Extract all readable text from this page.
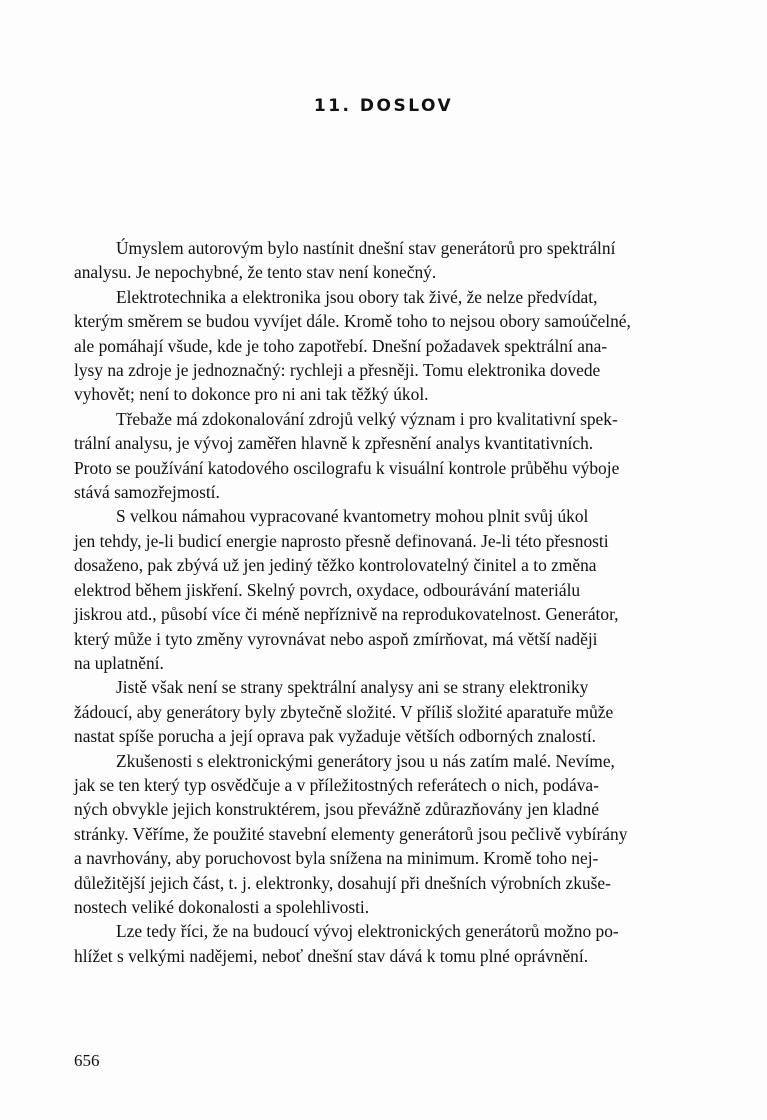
11. DOSLOV
Úmyslem autorovým bylo nastínit dnešní stav generátorů pro spektrální
analysu. Je nepochybné, že tento stav není konečný.
Elektrotechnika a elektronika jsou obory tak živé, že nelze předvídat,
kterým směrem se budou vyvíjet dále. Kromě toho to nejsou obory samoúčelné,
ale pomáhají všude, kde je toho zapotřebí. Dnešní požadavek spektrální ana-
lysy na zdroje je jednoznačný: rychleji a přesněji. Tomu elektronika dovede
vyhovět; není to dokonce pro ni ani tak těžký úkol.
Třebaže má zdokonalování zdrojů velký význam i pro kvalitativní spek-
trální analysu, je vývoj zaměřen hlavně k zpřesnění analys kvantitativních.
Proto se používání katodového oscilografu k visuální kontrole průběhu výboje
stává samozřejmostí.
S velkou námahou vypracované kvantometry mohou plnit svůj úkol
jen tehdy, je-li budicí energie naprosto přesně definovaná. Je-li této přesnosti
dosaženo, pak zbývá už jen jediný těžko kontrolovatelný činitel a to změna
elektrod během jiskření. Skelný povrch, oxydace, odbourávání materiálu
jiskrou atd., působí více či méně nepříznivě na reprodukovatelnost. Generátor,
který může i tyto změny vyrovnávat nebo aspoň zmírňovat, má větší naději
na uplatnění.
Jistě však není se strany spektrální analysy ani se strany elektroniky
žádoucí, aby generátory byly zbytečně složité. V příliš složité aparatuře může
nastat spíše porucha a její oprava pak vyžaduje větších odborných znalostí.
Zkušenosti s elektronickými generátory jsou u nás zatím malé. Nevíme,
jak se ten který typ osvědčuje a v příležitostných referátech o nich, podáva-
ných obvykle jejich konstruktérem, jsou převážně zdůrazňovány jen kladné
stránky. Věříme, že použité stavební elementy generátorů jsou pečlivě vybírány
a navrhovány, aby poruchovost byla snížena na minimum. Kromě toho nej-
důležitější jejich část, t. j. elektronky, dosahují při dnešních výrobních zkuše-
nostech veliké dokonalosti a spolehlivosti.
Lze tedy říci, že na budoucí vývoj elektronických generátorů možno po-
hlížet s velkými nadějemi, neboť dnešní stav dává k tomu plné oprávnění.
656
